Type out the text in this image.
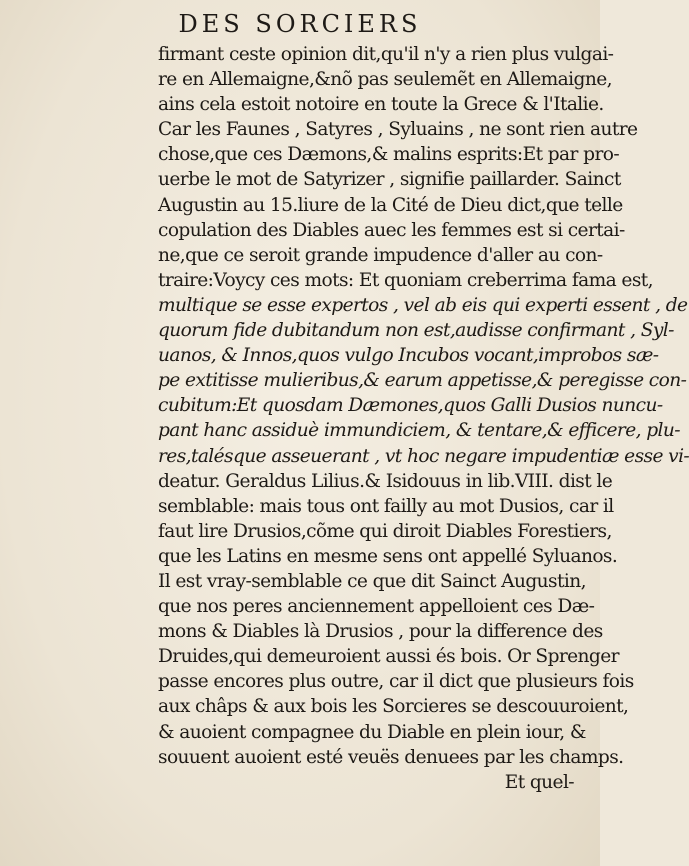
DES SORCIERS
firmant ceste opinion dit,qu'il n'y a rien plus vulgai-
re en Allemaigne,&nõ pas seulemẽt en Allemaigne,
ains cela estoit notoire en toute la Grece & l'Italie.
Car les Faunes , Satyres , Syluains , ne sont rien autre
chose,que ces Dæmons,& malins esprits:Et par pro-
uerbe le mot de Satyrizer , signifie paillarder. Sainct
Augustin au 15.liure de la Cité de Dieu dict,que telle
copulation des Diables auec les femmes est si certai-
ne,que ce seroit grande impudence d'aller au con-
traire:Voycy ces mots: Et quoniam creberrima fama est,
multique se esse expertos , vel ab eis qui experti essent , de
quorum fide dubitandum non est,audisse confirmant , Syl-
uanos, & Innos,quos vulgo Incubos vocant,improbos sæ-
pe extitisse mulieribus,& earum appetisse,& peregisse con-
cubitum:Et quosdam Dæmones,quos Galli Dusios nuncu-
pant hanc assiduè immundiciem, & tentare,& efficere, plu-
res,talésque asseuerant , vt hoc negare impudentiæ esse vi-
deatur. Geraldus Lilius.& Isidouus in lib.VIII. dist le
semblable: mais tous ont failly au mot Dusios, car il
faut lire Drusios,cõme qui diroit Diables Forestiers,
que les Latins en mesme sens ont appellé Syluanos.
Il est vray-semblable ce que dit Sainct Augustin,
que nos peres anciennement appelloient ces Dæ-
mons & Diables là Drusios , pour la difference des
Druides,qui demeuroient aussi és bois. Or Sprenger
passe encores plus outre, car il dict que plusieurs fois
aux châps & aux bois les Sorcieres se descouuroient,
& auoient compagnee du Diable en plein iour, &
souuent auoient esté veuës denuees par les champs.
Et quel-
